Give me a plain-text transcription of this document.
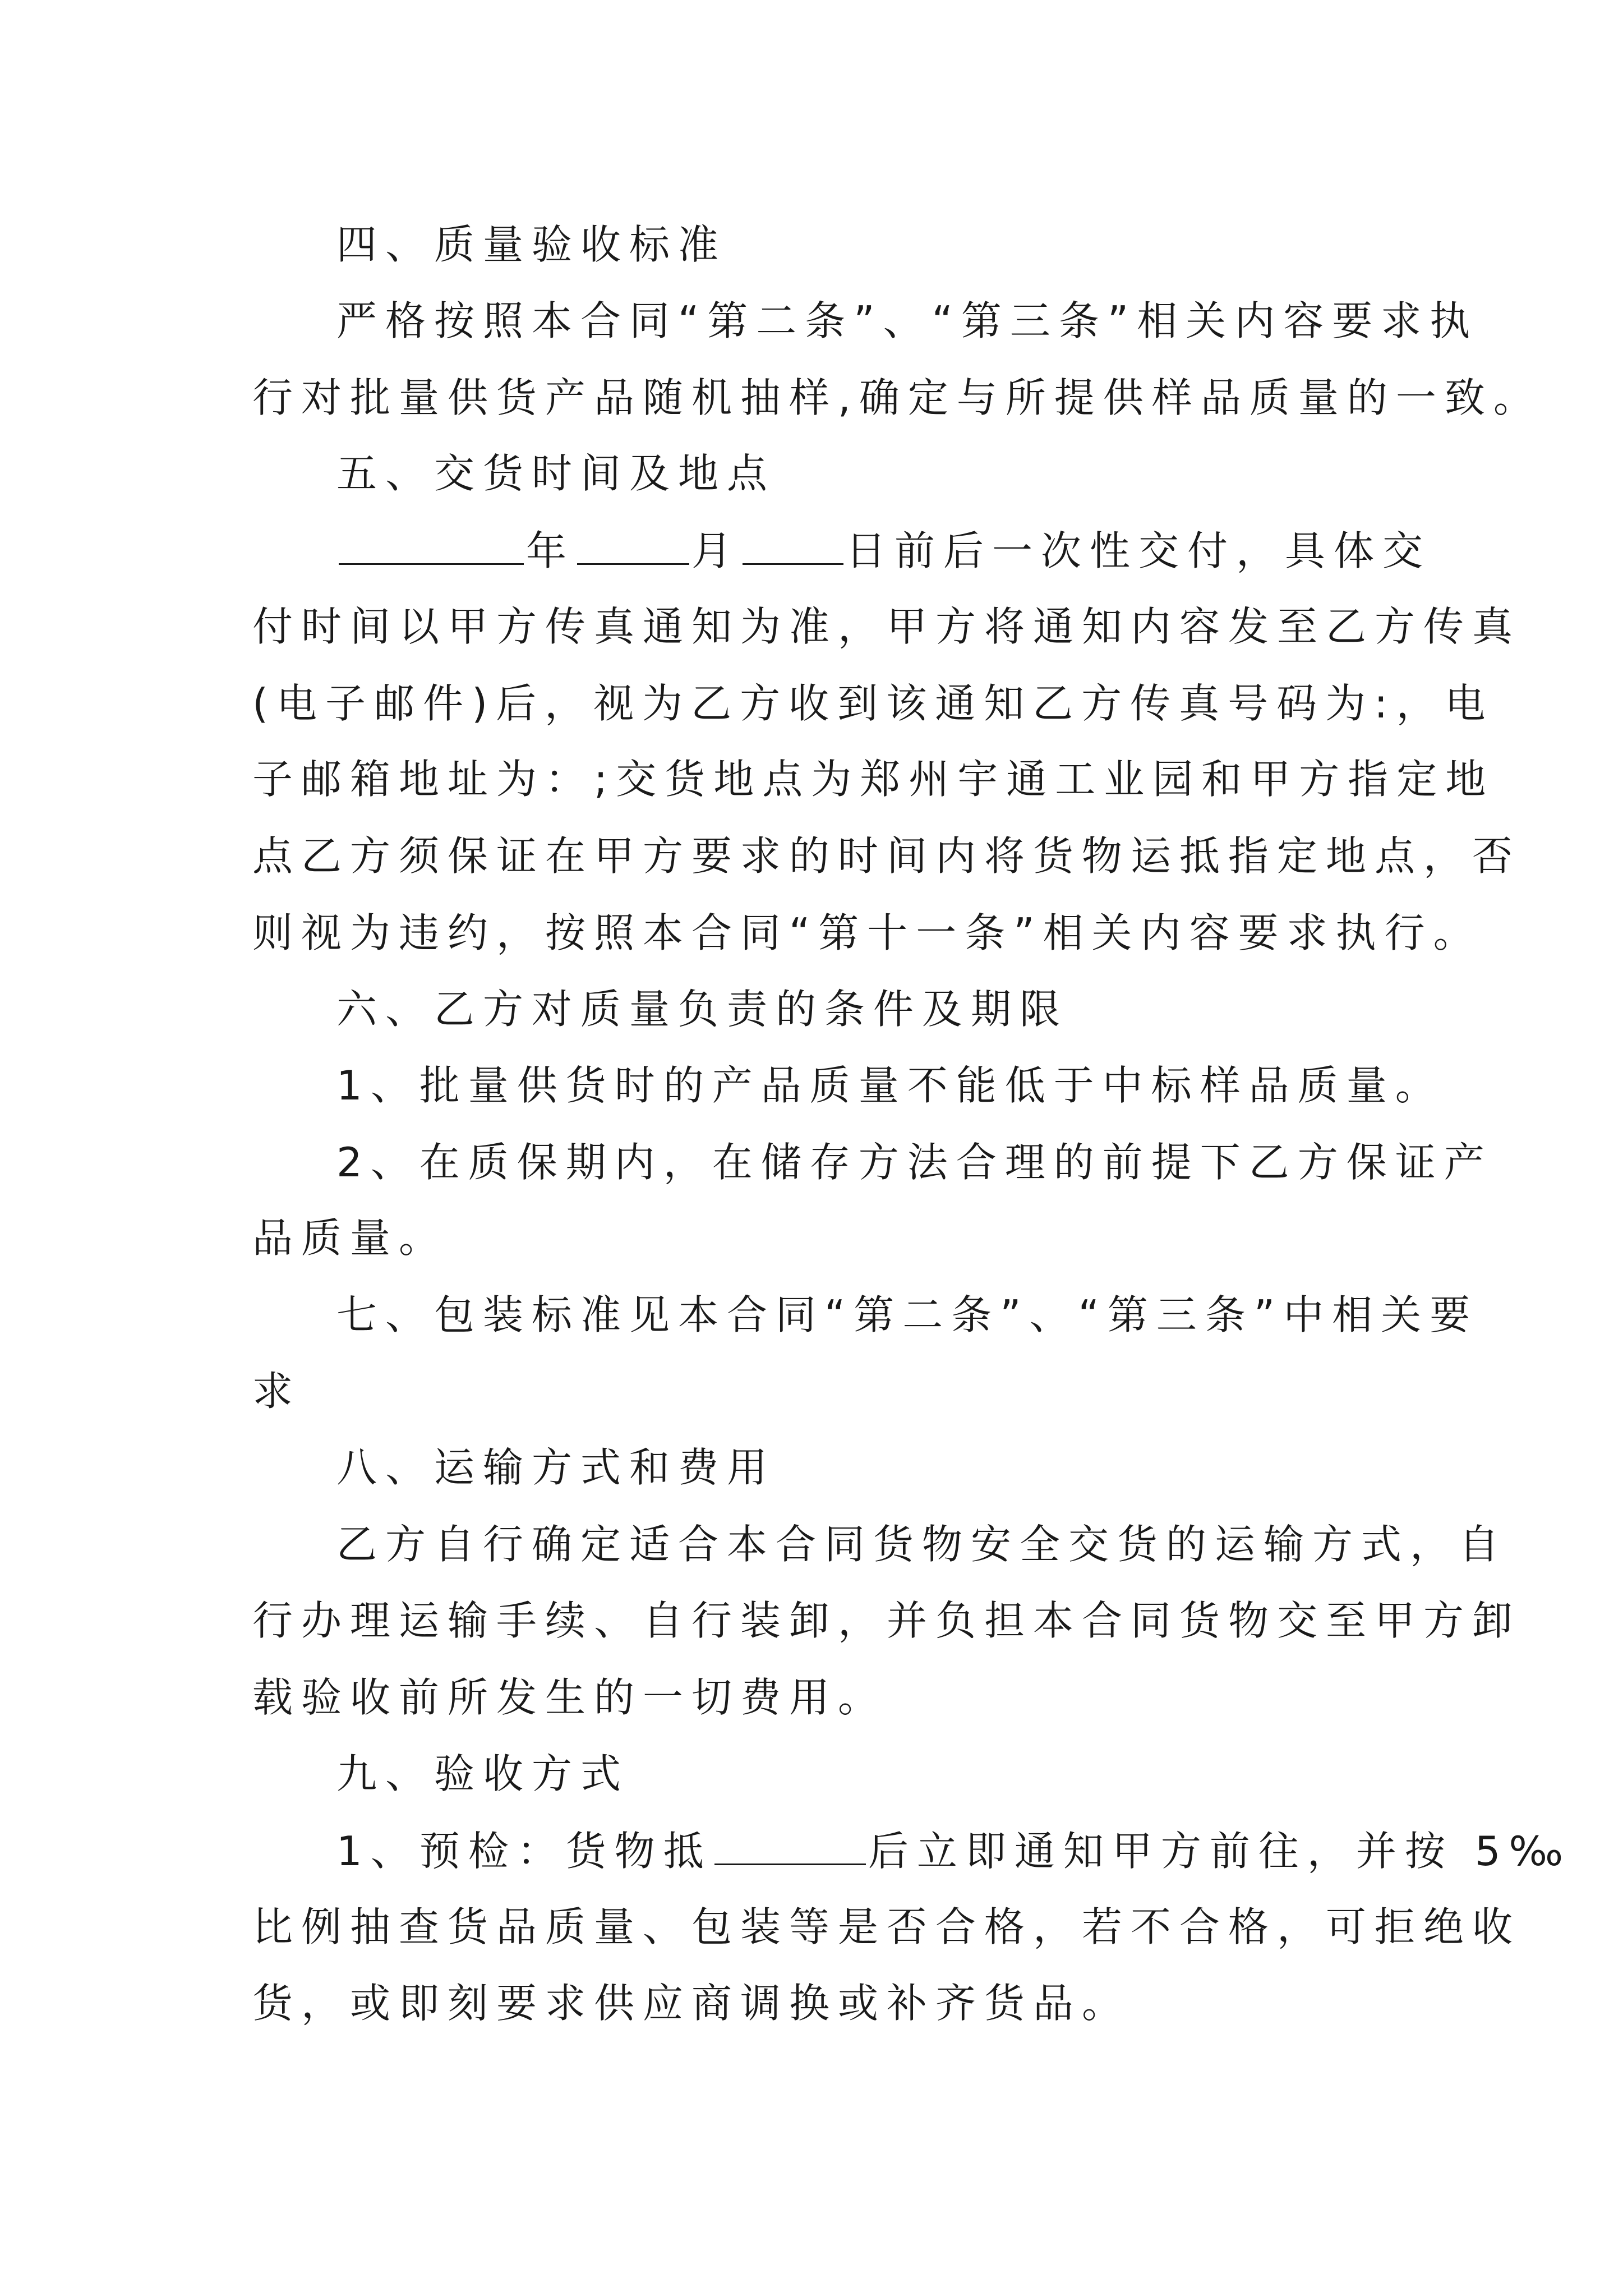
四、质量验收标准
严格按照本合同“第二条”、“第三条”相关内容要求执
行对批量供货产品随机抽样,确定与所提供样品质量的一致。
五、交货时间及地点
年	月	日前后一次性交付，具体交
付时间以甲方传真通知为准，甲方将通知内容发至乙方传真
(电子邮件)后，视为乙方收到该通知乙方传真号码为:，电
子邮箱地址为：;交货地点为郑州宇通工业园和甲方指定地
点乙方须保证在甲方要求的时间内将货物运抵指定地点，否
则视为违约，按照本合同“第十一条”相关内容要求执行。
六、乙方对质量负责的条件及期限
1、批量供货时的产品质量不能低于中标样品质量。
2、在质保期内，在储存方法合理的前提下乙方保证产
品质量。
七、包装标准见本合同“第二条”、“第三条”中相关要
求
八、运输方式和费用
乙方自行确定适合本合同货物安全交货的运输方式，自
行办理运输手续、自行装卸，并负担本合同货物交至甲方卸
载验收前所发生的一切费用。
九、验收方式
1、预检：货物抵	后立即通知甲方前往，并按 5‰
比例抽查货品质量、包装等是否合格，若不合格，可拒绝收
货，或即刻要求供应商调换或补齐货品。
